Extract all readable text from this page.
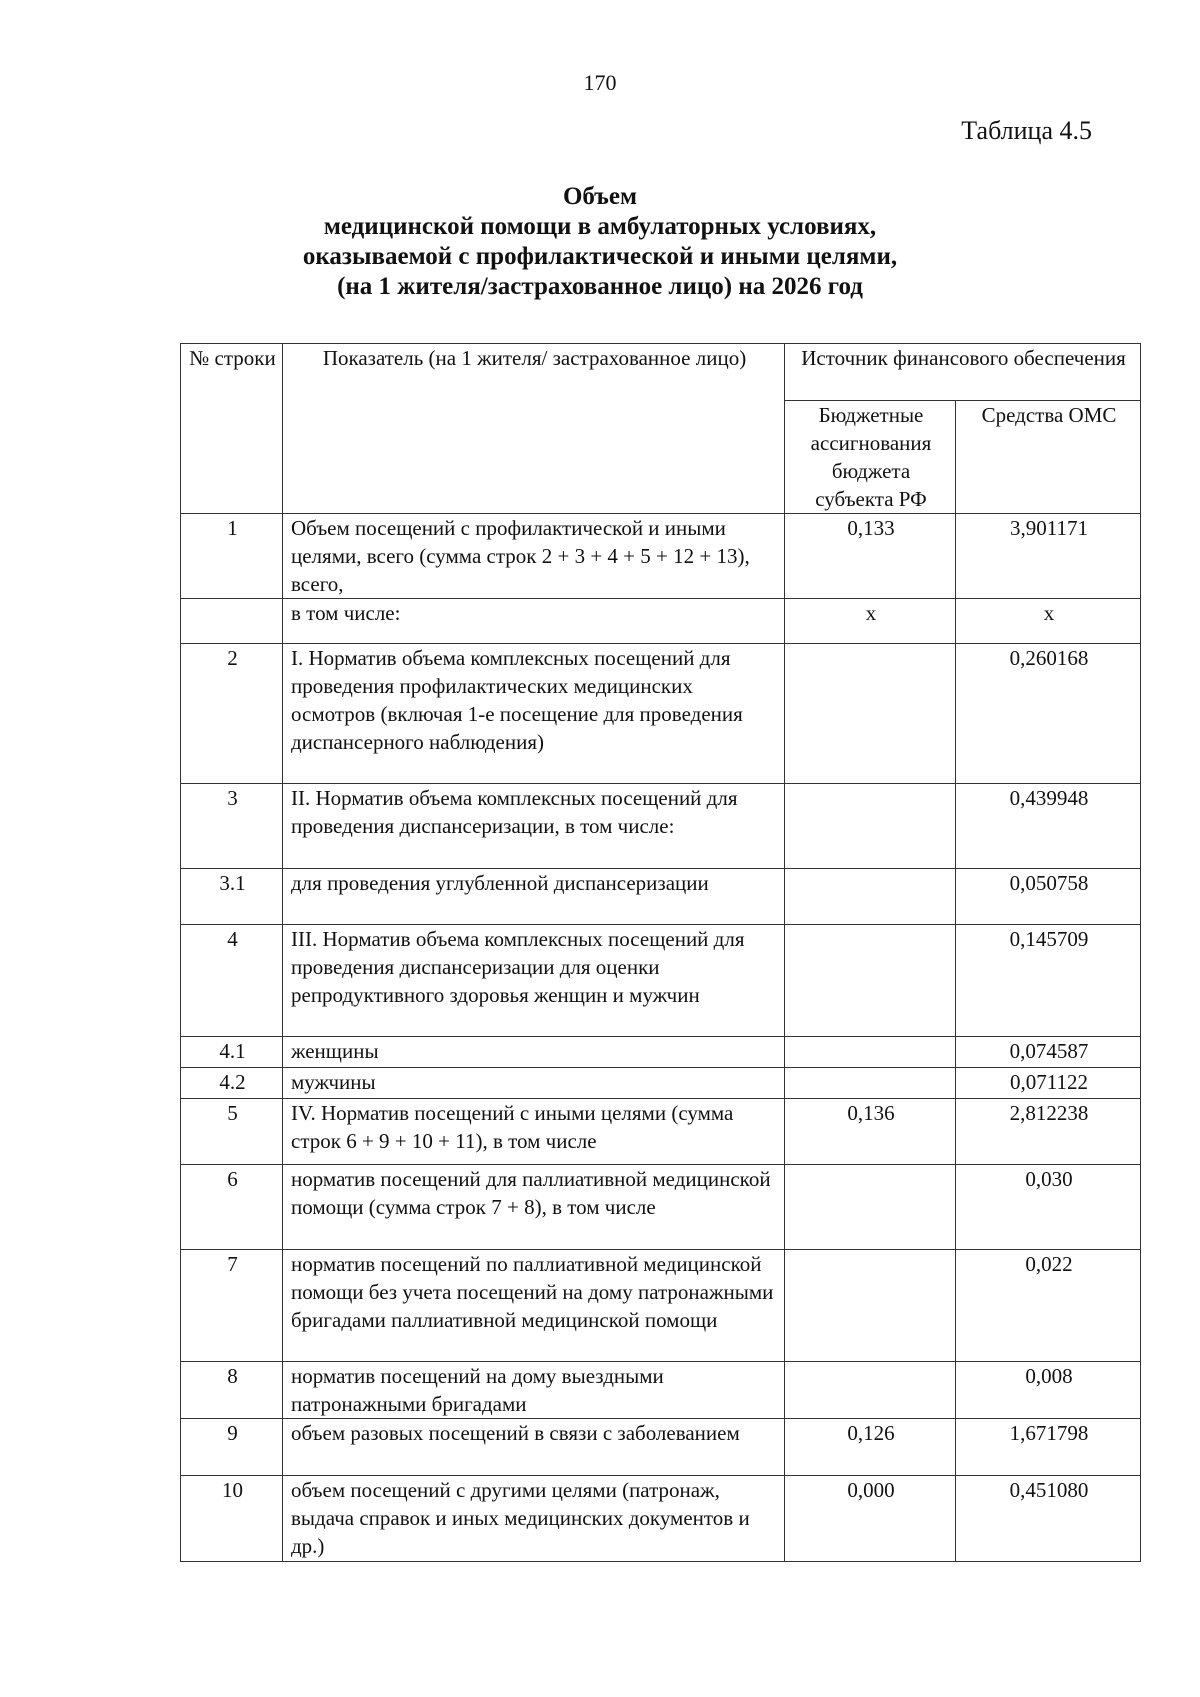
170
Таблица 4.5
Объем
медицинской помощи в амбулаторных условиях,
оказываемой с профилактической и иными целями,
(на 1 жителя/застрахованное лицо) на 2026 год
№ строки	Показатель (на 1 жителя/ застрахованное лицо)	Источник финансового обеспечения	
		Бюджетные ассигнования бюджета субъекта РФ	Средства ОМС
1	Объем посещений с профилактической и иными целями, всего (сумма строк 2 + 3 + 4 + 5 + 12 + 13), всего,	0,133	3,901171
	в том числе:	х	х
2	I. Норматив объема комплексных посещений для проведения профилактических медицинских осмотров (включая 1-е посещение для проведения диспансерного наблюдения)		0,260168
3	II. Норматив объема комплексных посещений для проведения диспансеризации, в том числе:		0,439948
3.1	для проведения углубленной диспансеризации		0,050758
4	III. Норматив объема комплексных посещений для проведения диспансеризации для оценки репродуктивного здоровья женщин и мужчин		0,145709
4.1	женщины		0,074587
4.2	мужчины		0,071122
5	IV. Норматив посещений с иными целями (сумма строк 6 + 9 + 10 + 11), в том числе	0,136	2,812238
6	норматив посещений для паллиативной медицинской помощи (сумма строк 7 + 8), в том числе		0,030
7	норматив посещений по паллиативной медицинской помощи без учета посещений на дому патронажными бригадами паллиативной медицинской помощи		0,022
8	норматив посещений на дому выездными патронажными бригадами		0,008
9	объем разовых посещений в связи с заболеванием	0,126	1,671798
10	объем посещений с другими целями (патронаж, выдача справок и иных медицинских документов и др.)	0,000	0,451080
